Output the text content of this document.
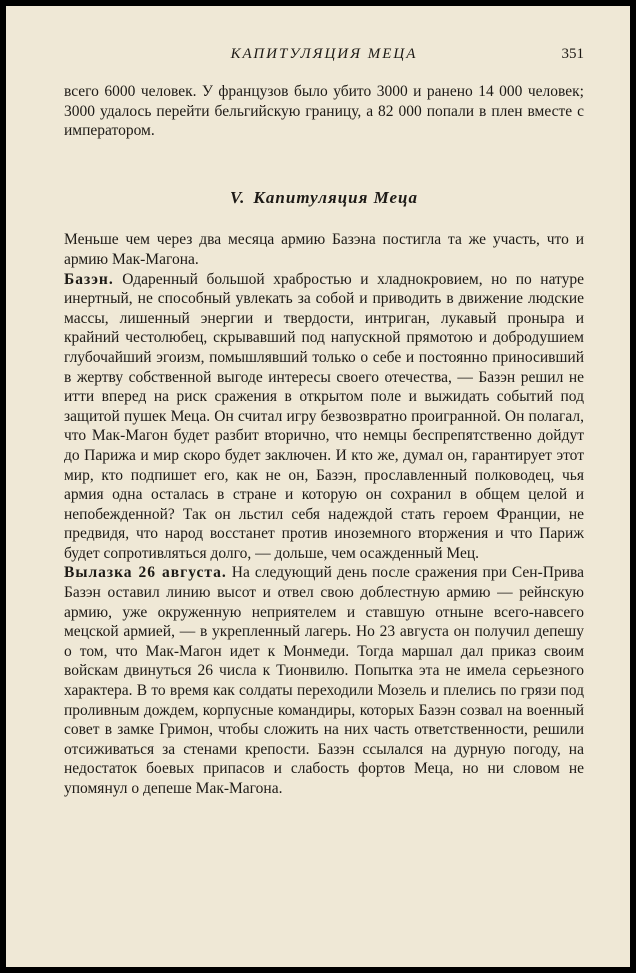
КАПИТУЛЯЦИЯ МЕЦА	351

всего 6000 человек. У французов было убито 3000 и ранено 14 000 человек; 3000 удалось перейти бельгийскую границу, а 82 000 попали в плен вместе с императором.

V. Капитуляция Меца

Меньше чем через два месяца армию Базэна постигла та же участь, что и армию Мак-Магона.

Базэн. Одаренный большой храбростью и хладнокровием, но по натуре инертный, не способный увлекать за собой и приводить в движение людские массы, лишенный энергии и твердости, интриган, лукавый проныра и крайний честолюбец, скрывавший под напускной прямотою и добродушием глубочайший эгоизм, помышлявший только о себе и постоянно приносивший в жертву собственной выгоде интересы своего отечества, — Базэн решил не итти вперед на риск сражения в открытом поле и выжидать событий под защитой пушек Меца. Он считал игру безвозвратно проигранной. Он полагал, что Мак-Магон будет разбит вторично, что немцы беспрепятственно дойдут до Парижа и мир скоро будет заключен. И кто же, думал он, гарантирует этот мир, кто подпишет его, как не он, Базэн, прославленный полководец, чья армия одна осталась в стране и которую он сохранил в общем целой и непобежденной? Так он льстил себя надеждой стать героем Франции, не предвидя, что народ восстанет против иноземного вторжения и что Париж будет сопротивляться долго, — дольше, чем осажденный Мец.

Вылазка 26 августа. На следующий день после сражения при Сен-Прива Базэн оставил линию высот и отвел свою доблестную армию — рейнскую армию, уже окруженную неприятелем и ставшую отныне всего-навсего мецской армией, — в укрепленный лагерь. Но 23 августа он получил депешу о том, что Мак-Магон идет к Монмеди. Тогда маршал дал приказ своим войскам двинуться 26 числа к Тионвилю. Попытка эта не имела серьезного характера. В то время как солдаты переходили Мозель и плелись по грязи под проливным дождем, корпусные командиры, которых Базэн созвал на военный совет в замке Гримон, чтобы сложить на них часть ответственности, решили отсиживаться за стенами крепости. Базэн ссылался на дурную погоду, на недостаток боевых припасов и слабость фортов Меца, но ни словом не упомянул о депеше Мак-Магона.
